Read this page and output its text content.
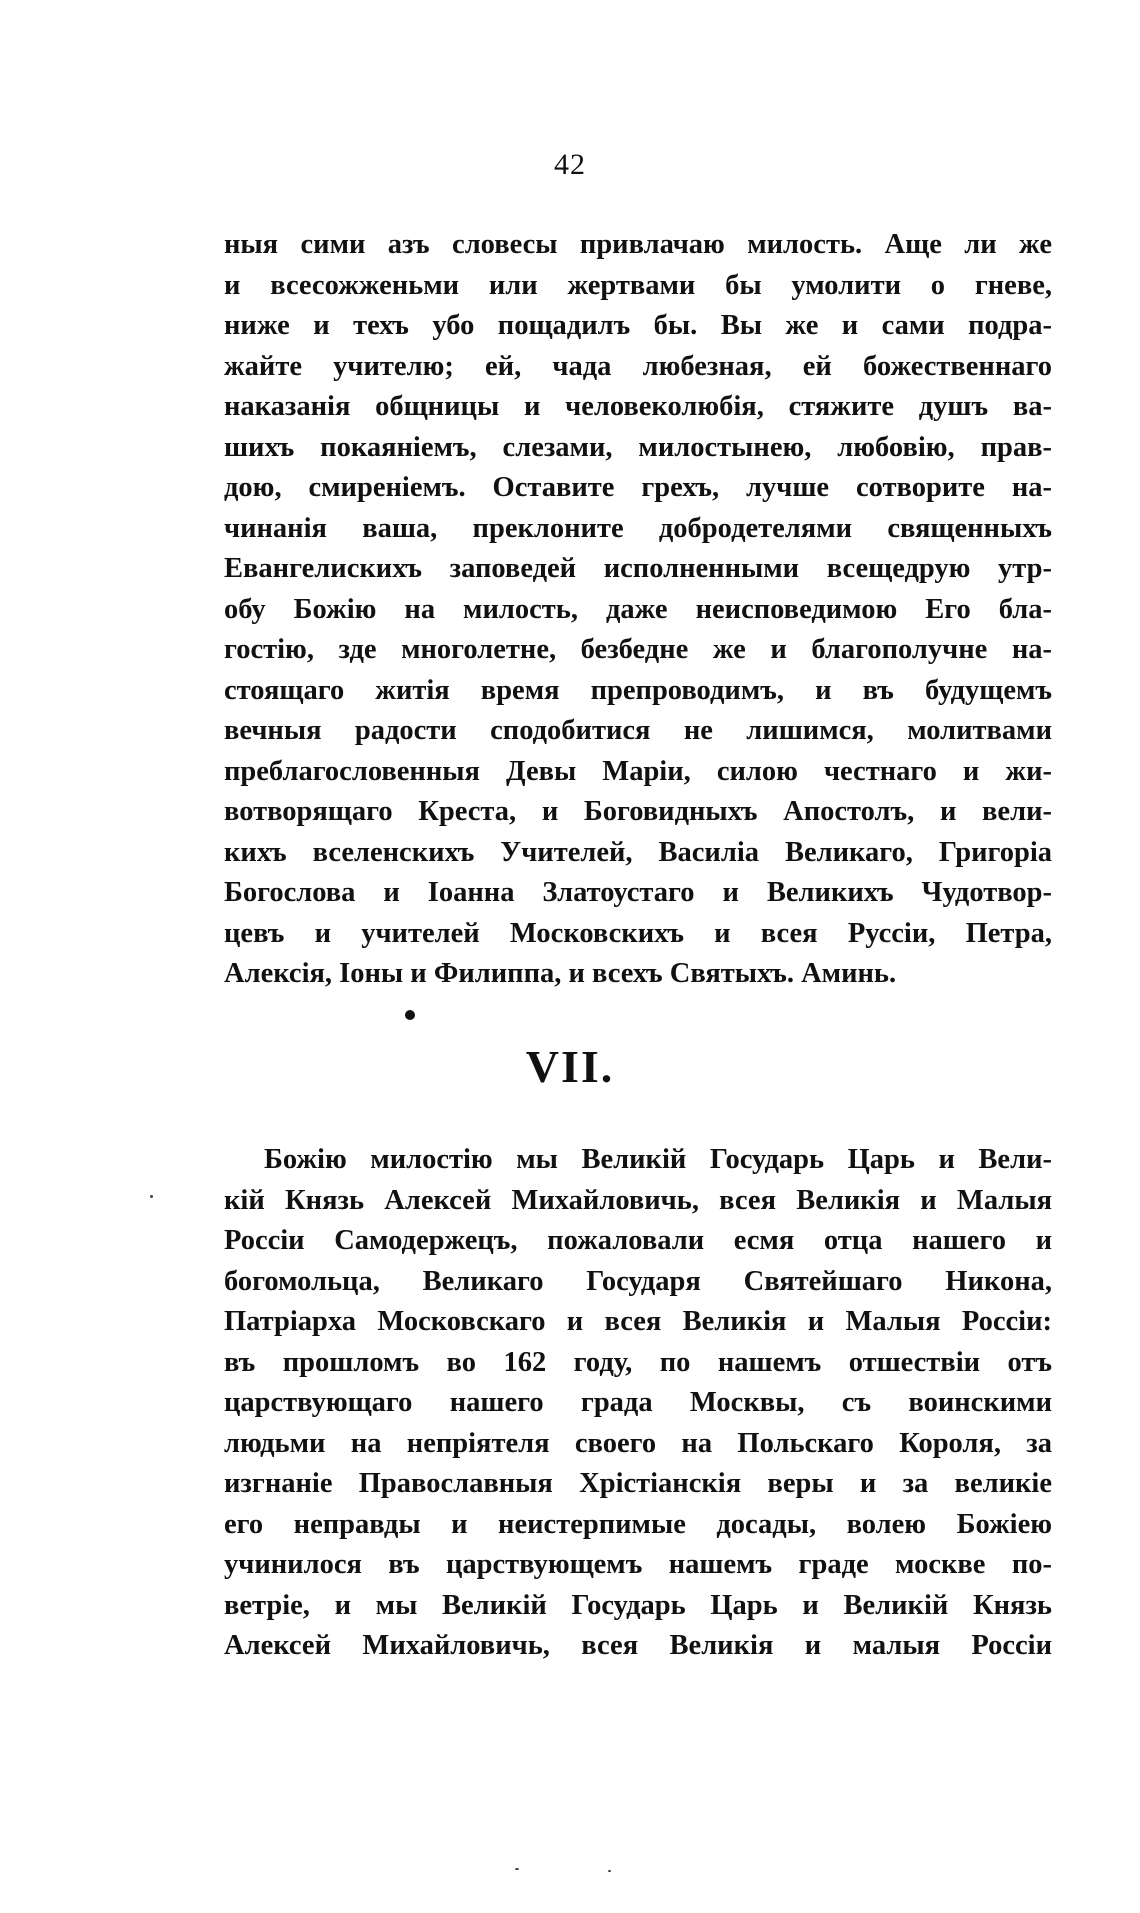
42
ныя сими азъ словесы привлачаю милость. Аще ли же
и всесожженьми или жертвами бы умолити о гневе,
ниже и техъ убо пощадилъ бы. Вы же и сами подра-
жайте учителю; ей, чада любезная, ей божественнаго
наказанія общницы и человеколюбія, стяжите душъ ва-
шихъ покаяніемъ, слезами, милостынею, любовію, прав-
дою, смиреніемъ. Оставите грехъ, лучше сотворите на-
чинанія ваша, преклоните добродетелями священныхъ
Евангелискихъ заповедей исполненными всещедрую утр-
обу Божію на милость, даже неисповедимою Его бла-
гостію, зде многолетне, безбедне же и благополучне на-
стоящаго житія время препроводимъ, и въ будущемъ
вечныя радости сподобитися не лишимся, молитвами
преблагословенныя Девы Маріи, силою честнаго и жи-
вотворящаго Креста, и Боговидныхъ Апостолъ, и вели-
кихъ вселенскихъ Учителей, Василіа Великаго, Григоріа
Богослова и Іоанна Златоустаго и Великихъ Чудотвор-
цевъ и учителей Московскихъ и всея Руссіи, Петра,
Алексія, Іоны и Филиппа, и всехъ Святыхъ. Аминь.
VII.
Божію милостію мы Великій Государь Царь и Вели-
кій Князь Алексей Михайловичь, всея Великія и Малыя
Россіи Самодержецъ, пожаловали есмя отца нашего и
богомольца, Великаго Государя Святейшаго Никона,
Патріарха Московскаго и всея Великія и Малыя Россіи:
въ прошломъ во 162 году, по нашемъ отшествіи отъ
царствующаго нашего града Москвы, съ воинскими
людьми на непріятеля своего на Польскаго Короля, за
изгнаніе Православныя Хрістіанскія веры и за великіе
его неправды и неистерпимые досады, волею Божіею
учинилося въ царствующемъ нашемъ граде москве по-
ветріе, и мы Великій Государь Царь и Великій Князь
Алексей Михайловичь, всея Великія и малыя Россіи
